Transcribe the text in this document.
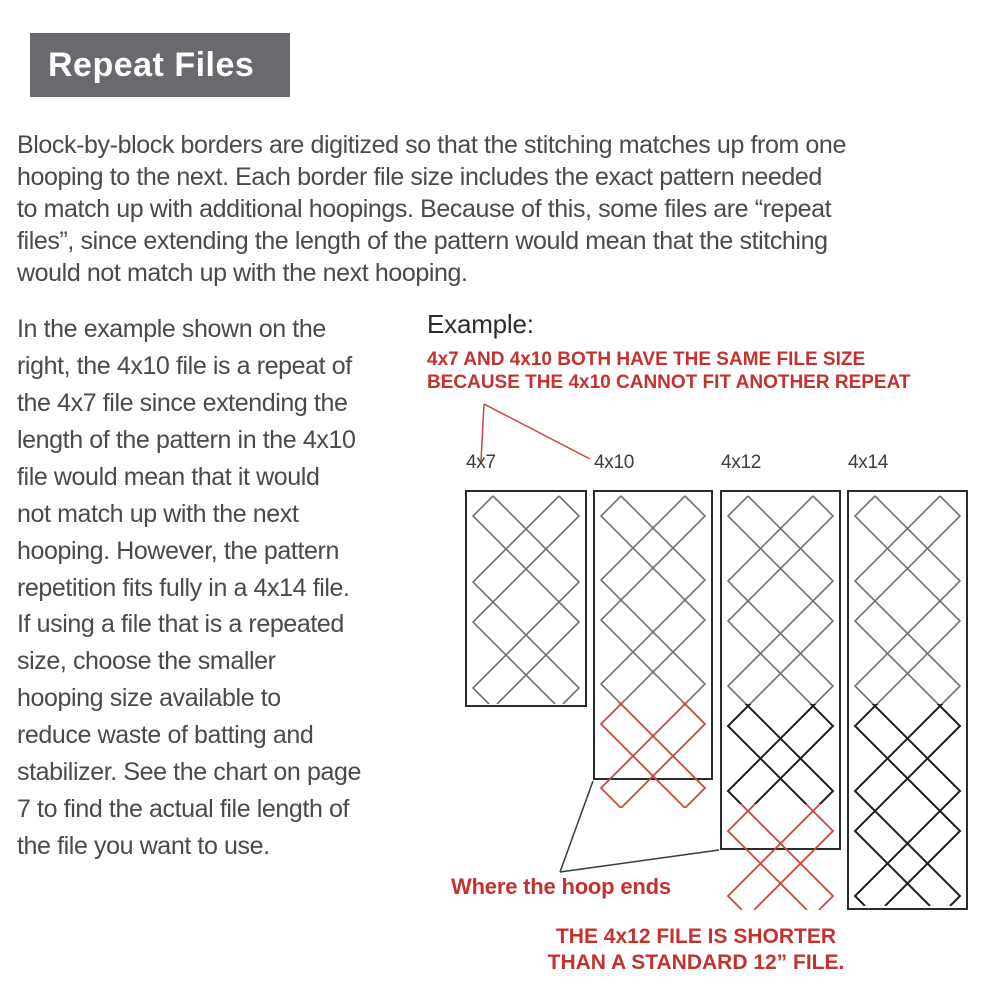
Repeat Files
Block-by-block borders are digitized so that the stitching matches up from one
hooping to the next. Each border file size includes the exact pattern needed
to match up with additional hoopings. Because of this, some files are “repeat
files”, since extending the length of the pattern would mean that the stitching
would not match up with the next hooping.
In the example shown on the
right, the 4x10 file is a repeat of
the 4x7 file since extending the
length of the pattern in the 4x10
file would mean that it would
not match up with the next
hooping. However, the pattern
repetition fits fully in a 4x14 file.
If using a file that is a repeated
size, choose the smaller
hooping size available to
reduce waste of batting and
stabilizer. See the chart on page
7 to find the actual file length of
the file you want to use.
Example:
4x7 AND 4x10 BOTH HAVE THE SAME FILE SIZE
BECAUSE THE 4x10 CANNOT FIT ANOTHER REPEAT
4x7	4x10	4x12	4x14
Where the hoop ends
THE 4x12 FILE IS SHORTER
THAN A STANDARD 12” FILE.
